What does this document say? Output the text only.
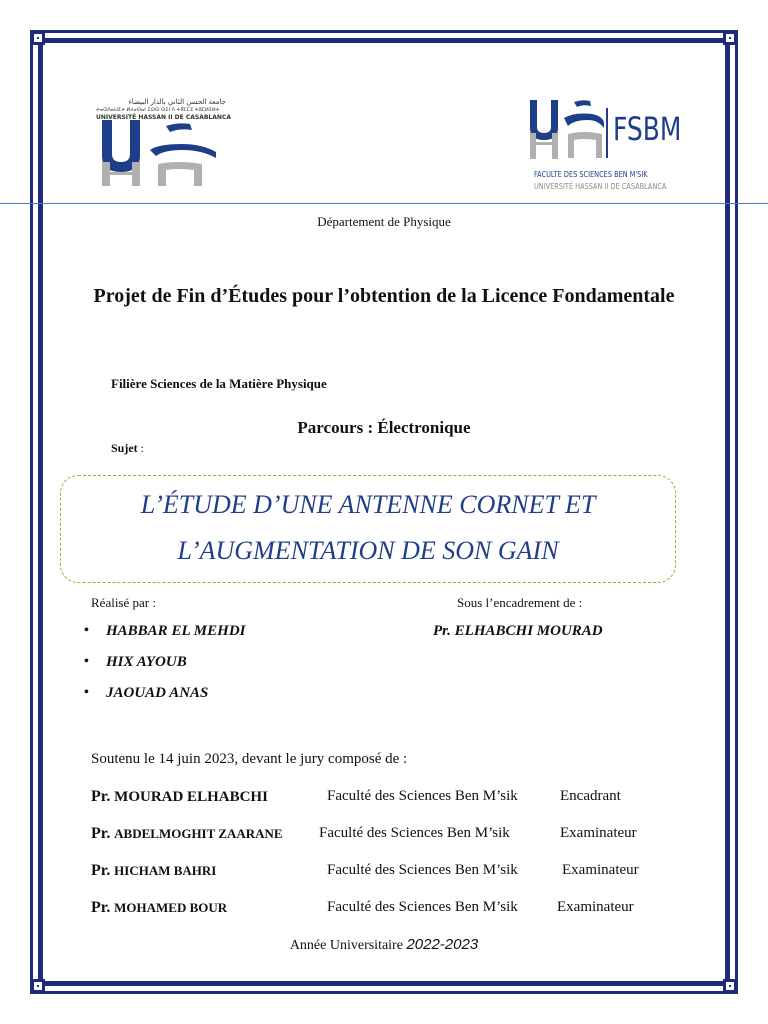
جامعة الحسن الثاني بالدار البيضاء
ⵜⴰⵙⴷⴰⵡⵉⵜ ⵍⵃⴰⵙⴰⵏ ⵉⵙⵙ ⵙⵉⵏ ⴷ ⵜⴳⵎⵎⵉ ⵜⵓⵎⵍⵉⵍⵜ
UNIVERSITÉ HASSAN II DE CASABLANCA	FSBM
FACULTE DES SCIENCES BEN M'SIK
UNIVERSITÉ HASSAN II DE CASABLANCA
Département de Physique
Projet de Fin d’Études pour l’obtention de la Licence Fondamentale
Filière Sciences de la Matière Physique
Parcours : Électronique
Sujet :
L’ÉTUDE D’UNE ANTENNE CORNET ET
L’AUGMENTATION DE SON GAIN
Réalisé par :	Sous l’encadrement de :
• HABBAR EL MEHDI
• HIX AYOUB
• JAOUAD ANAS
Pr. ELHABCHI MOURAD
Soutenu le 14 juin 2023, devant le jury composé de :
Pr. MOURAD ELHABCHI	Faculté des Sciences Ben M’sik	Encadrant
Pr. ABDELMOGHIT ZAARANE Faculté des Sciences Ben M’sik	Examinateur
Pr. HICHAM BAHRI	Faculté des Sciences Ben M’sik	Examinateur
Pr. MOHAMED BOUR	Faculté des Sciences Ben M’sik	Examinateur
Année Universitaire 2022-2023
